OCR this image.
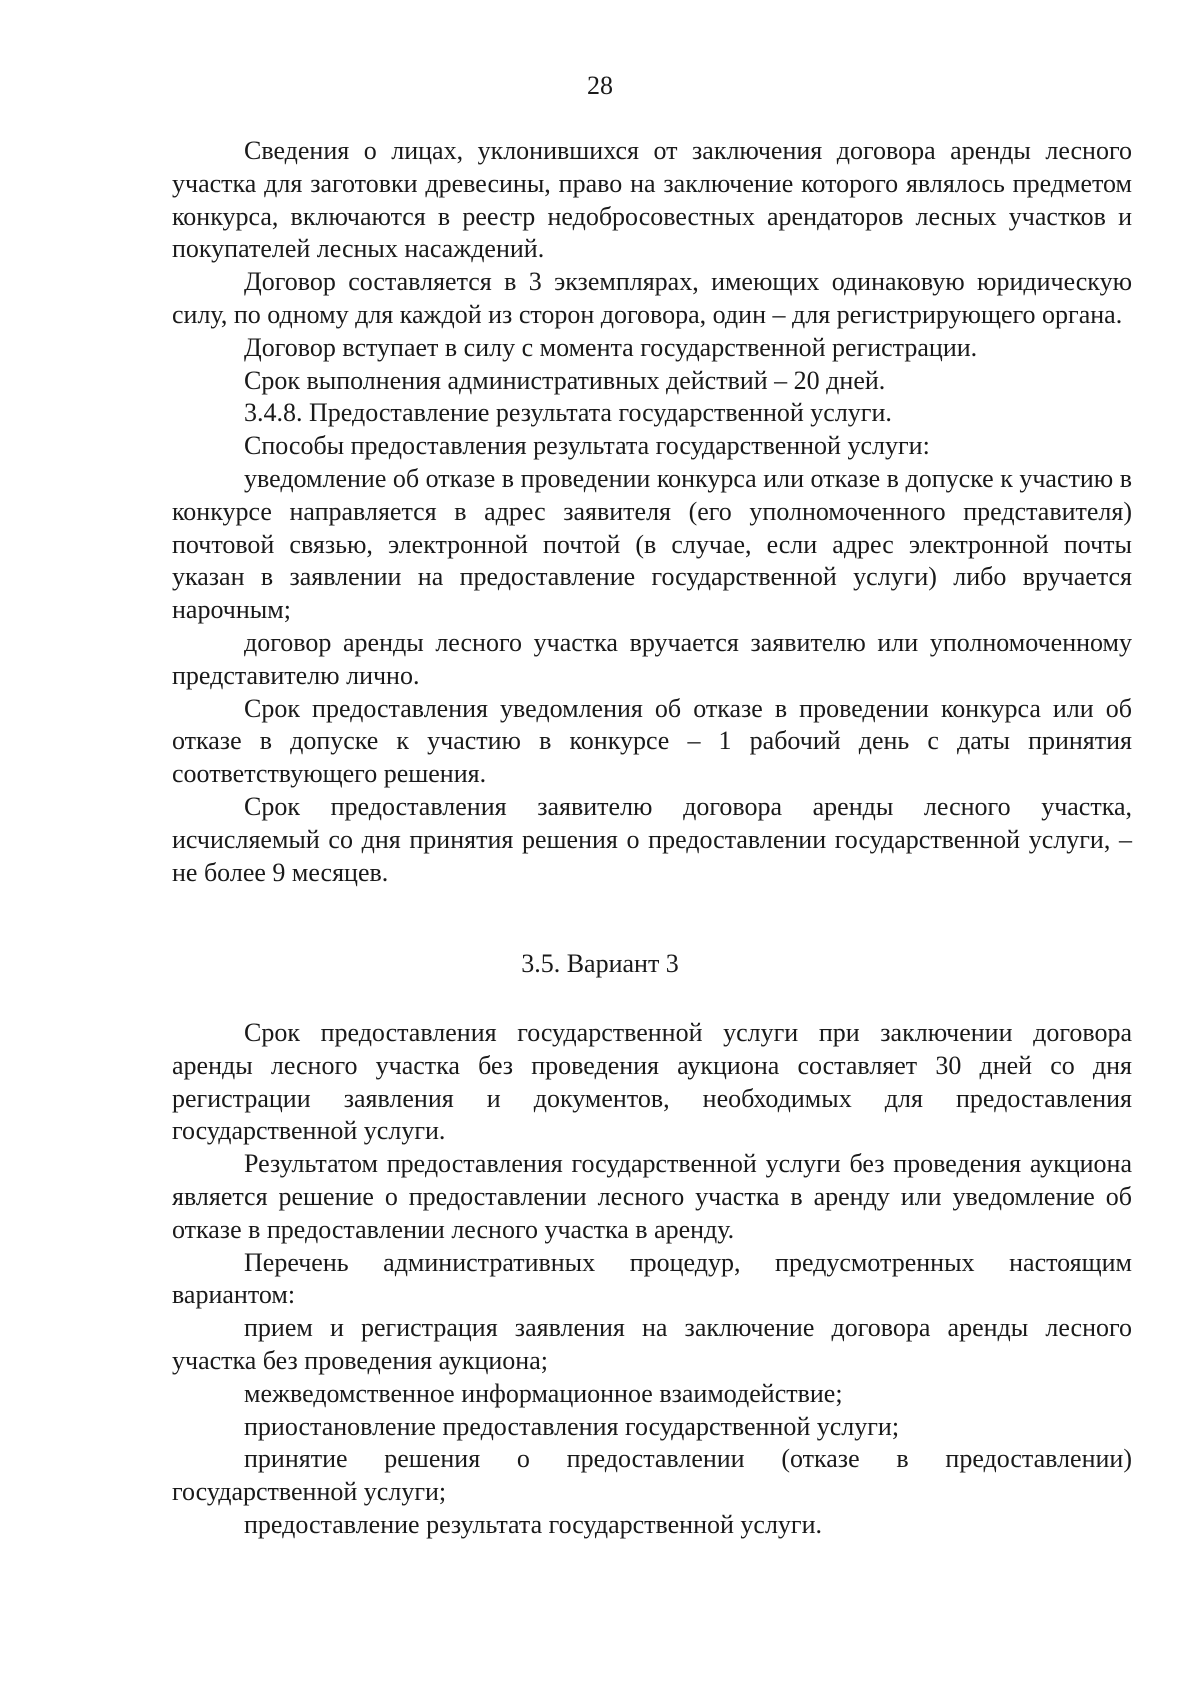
28

Сведения о лицах, уклонившихся от заключения договора аренды лесного участка для заготовки древесины, право на заключение которого являлось предметом конкурса, включаются в реестр недобросовестных арендаторов лесных участков и покупателей лесных насаждений.

Договор составляется в 3 экземплярах, имеющих одинаковую юридическую силу, по одному для каждой из сторон договора, один – для регистрирующего органа.

Договор вступает в силу с момента государственной регистрации.

Срок выполнения административных действий – 20 дней.

3.4.8. Предоставление результата государственной услуги.

Способы предоставления результата государственной услуги:

уведомление об отказе в проведении конкурса или отказе в допуске к участию в конкурсе направляется в адрес заявителя (его уполномоченного представителя) почтовой связью, электронной почтой (в случае, если адрес электронной почты указан в заявлении на предоставление государственной услуги) либо вручается нарочным;

договор аренды лесного участка вручается заявителю или уполномоченному представителю лично.

Срок предоставления уведомления об отказе в проведении конкурса или об отказе в допуске к участию в конкурсе – 1 рабочий день с даты принятия соответствующего решения.

Срок предоставления заявителю договора аренды лесного участка, исчисляемый со дня принятия решения о предоставлении государственной услуги, – не более 9 месяцев.

3.5. Вариант 3

Срок предоставления государственной услуги при заключении договора аренды лесного участка без проведения аукциона составляет 30 дней со дня регистрации заявления и документов, необходимых для предоставления государственной услуги.

Результатом предоставления государственной услуги без проведения аукциона является решение о предоставлении лесного участка в аренду или уведомление об отказе в предоставлении лесного участка в аренду.

Перечень административных процедур, предусмотренных настоящим вариантом:

прием и регистрация заявления на заключение договора аренды лесного участка без проведения аукциона;

межведомственное информационное взаимодействие;

приостановление предоставления государственной услуги;

принятие решения о предоставлении (отказе в предоставлении) государственной услуги;

предоставление результата государственной услуги.
